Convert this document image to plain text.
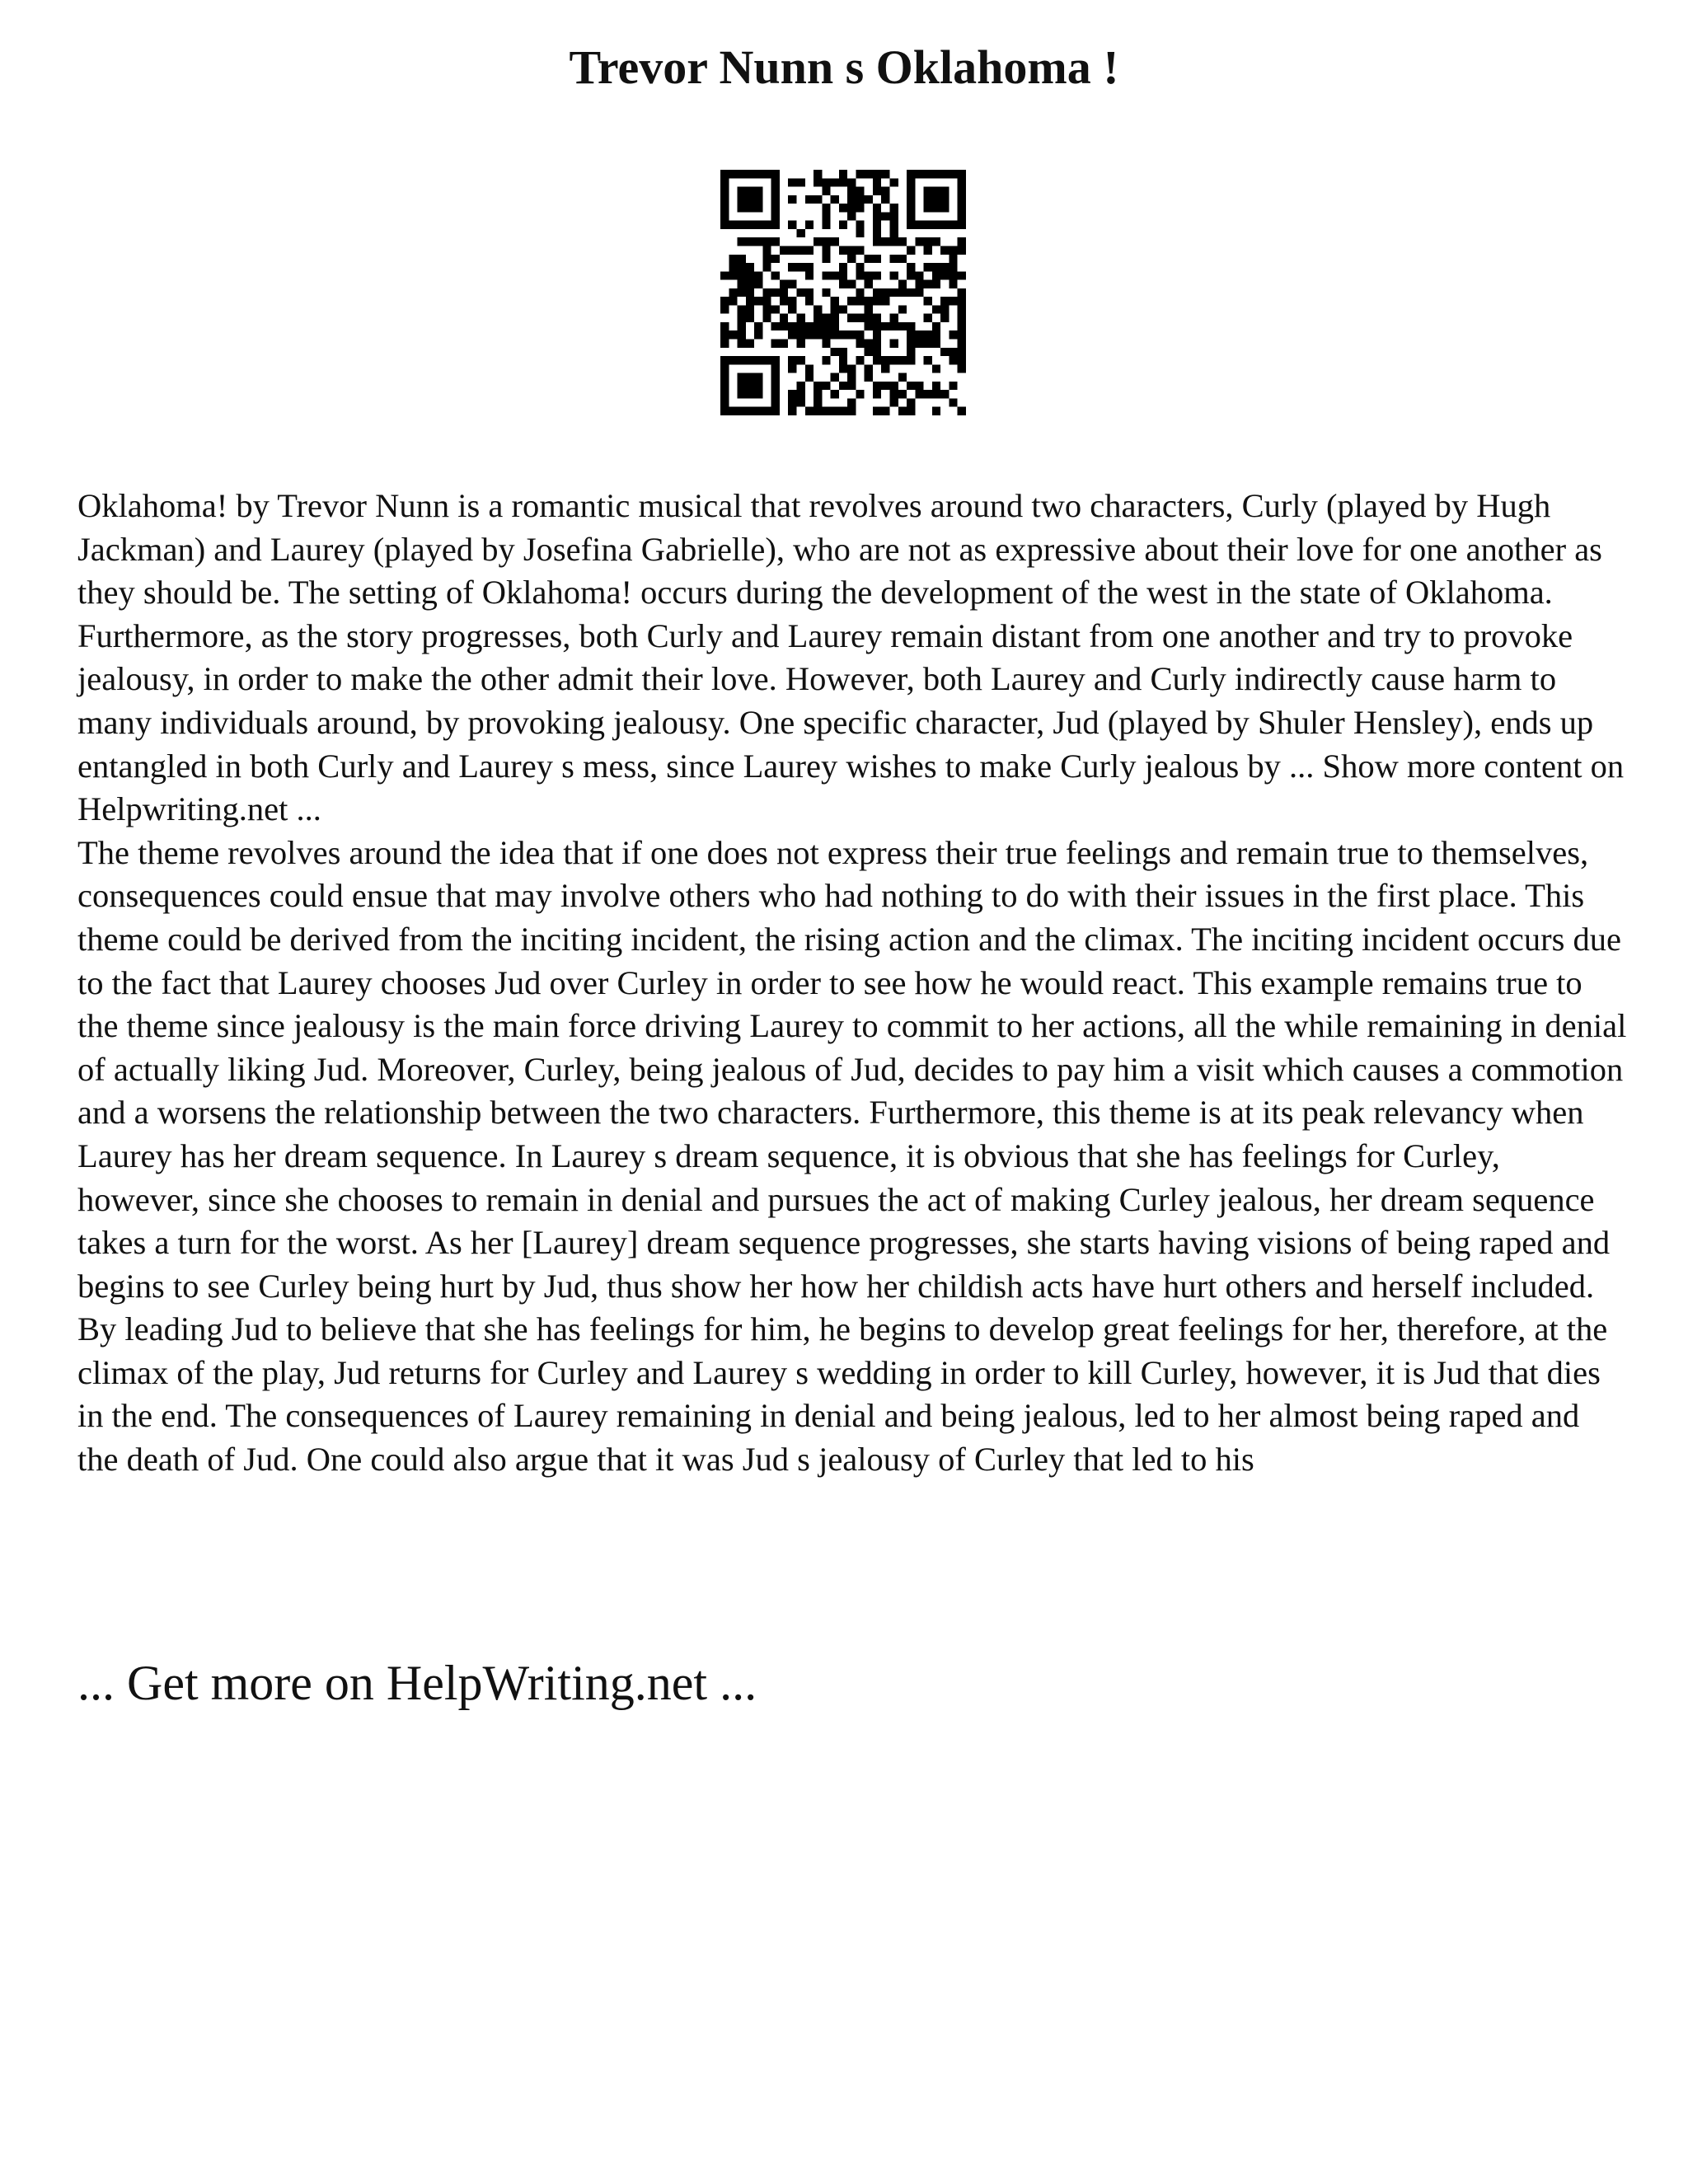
Trevor Nunn s Oklahoma !

Oklahoma! by Trevor Nunn is a romantic musical that revolves around two characters, Curly (played by Hugh Jackman) and Laurey (played by Josefina Gabrielle), who are not as expressive about their love for one another as they should be. The setting of Oklahoma! occurs during the development of the west in the state of Oklahoma. Furthermore, as the story progresses, both Curly and Laurey remain distant from one another and try to provoke jealousy, in order to make the other admit their love. However, both Laurey and Curly indirectly cause harm to many individuals around, by provoking jealousy. One specific character, Jud (played by Shuler Hensley), ends up entangled in both Curly and Laurey s mess, since Laurey wishes to make Curly jealous by ... Show more content on Helpwriting.net ...

The theme revolves around the idea that if one does not express their true feelings and remain true to themselves, consequences could ensue that may involve others who had nothing to do with their issues in the first place. This theme could be derived from the inciting incident, the rising action and the climax. The inciting incident occurs due to the fact that Laurey chooses Jud over Curley in order to see how he would react. This example remains true to the theme since jealousy is the main force driving Laurey to commit to her actions, all the while remaining in denial of actually liking Jud. Moreover, Curley, being jealous of Jud, decides to pay him a visit which causes a commotion and a worsens the relationship between the two characters. Furthermore, this theme is at its peak relevancy when Laurey has her dream sequence. In Laurey s dream sequence, it is obvious that she has feelings for Curley, however, since she chooses to remain in denial and pursues the act of making Curley jealous, her dream sequence takes a turn for the worst. As her [Laurey] dream sequence progresses, she starts having visions of being raped and begins to see Curley being hurt by Jud, thus show her how her childish acts have hurt others and herself included. By leading Jud to believe that she has feelings for him, he begins to develop great feelings for her, therefore, at the climax of the play, Jud returns for Curley and Laurey s wedding in order to kill Curley, however, it is Jud that dies in the end. The consequences of Laurey remaining in denial and being jealous, led to her almost being raped and the death of Jud. One could also argue that it was Jud s jealousy of Curley that led to his

... Get more on HelpWriting.net ...
